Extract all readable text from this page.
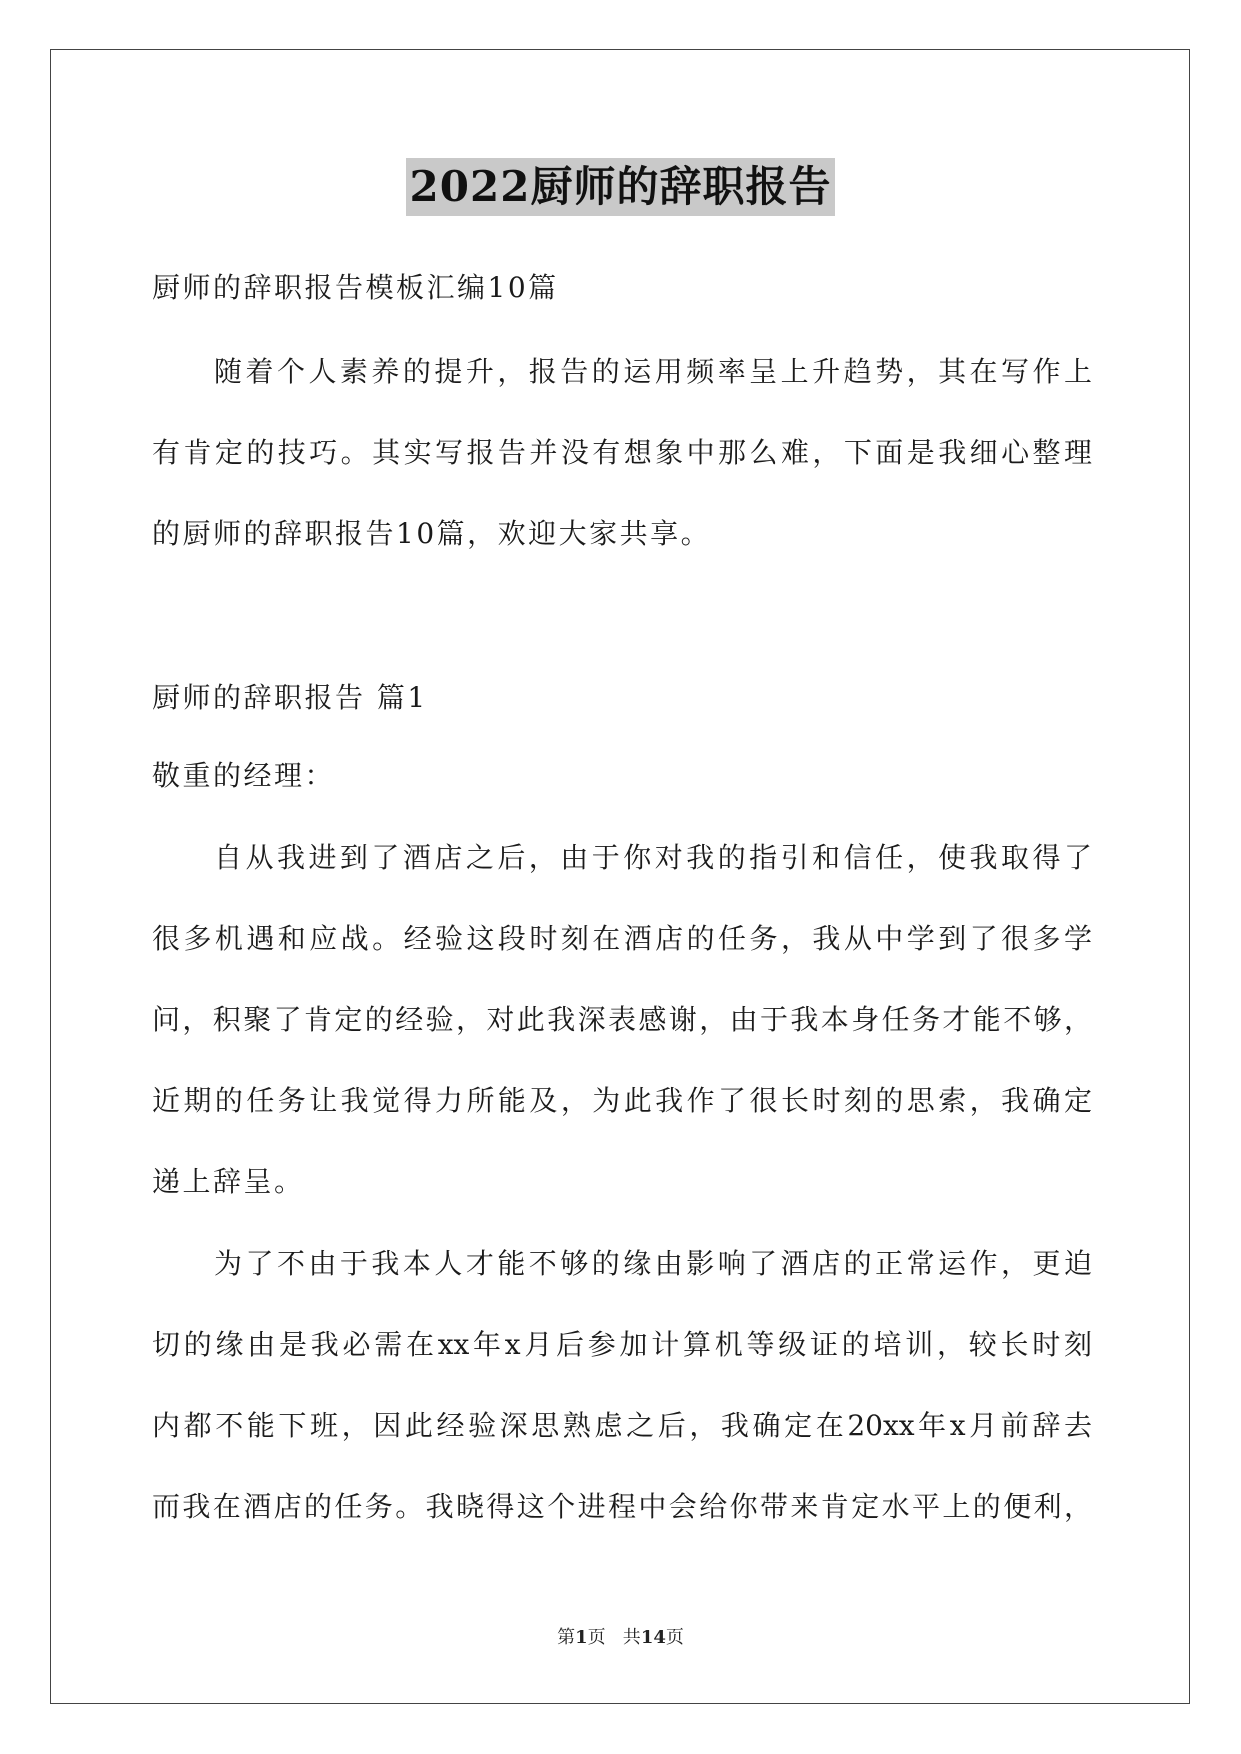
2022厨师的辞职报告
厨师的辞职报告模板汇编10篇
随着个人素养的提升，报告的运用频率呈上升趋势，其在写作上
有肯定的技巧。其实写报告并没有想象中那么难，下面是我细心整理
的厨师的辞职报告10篇，欢迎大家共享。
厨师的辞职报告 篇1
敬重的经理：
自从我进到了酒店之后，由于你对我的指引和信任，使我取得了
很多机遇和应战。经验这段时刻在酒店的任务，我从中学到了很多学
问，积聚了肯定的经验，对此我深表感谢，由于我本身任务才能不够，
近期的任务让我觉得力所能及，为此我作了很长时刻的思索，我确定
递上辞呈。
为了不由于我本人才能不够的缘由影响了酒店的正常运作，更迫
切的缘由是我必需在xx年x月后参加计算机等级证的培训，较长时刻
内都不能下班，因此经验深思熟虑之后，我确定在20xx年x月前辞去
而我在酒店的任务。我晓得这个进程中会给你带来肯定水平上的便利，
第1页   共14页
